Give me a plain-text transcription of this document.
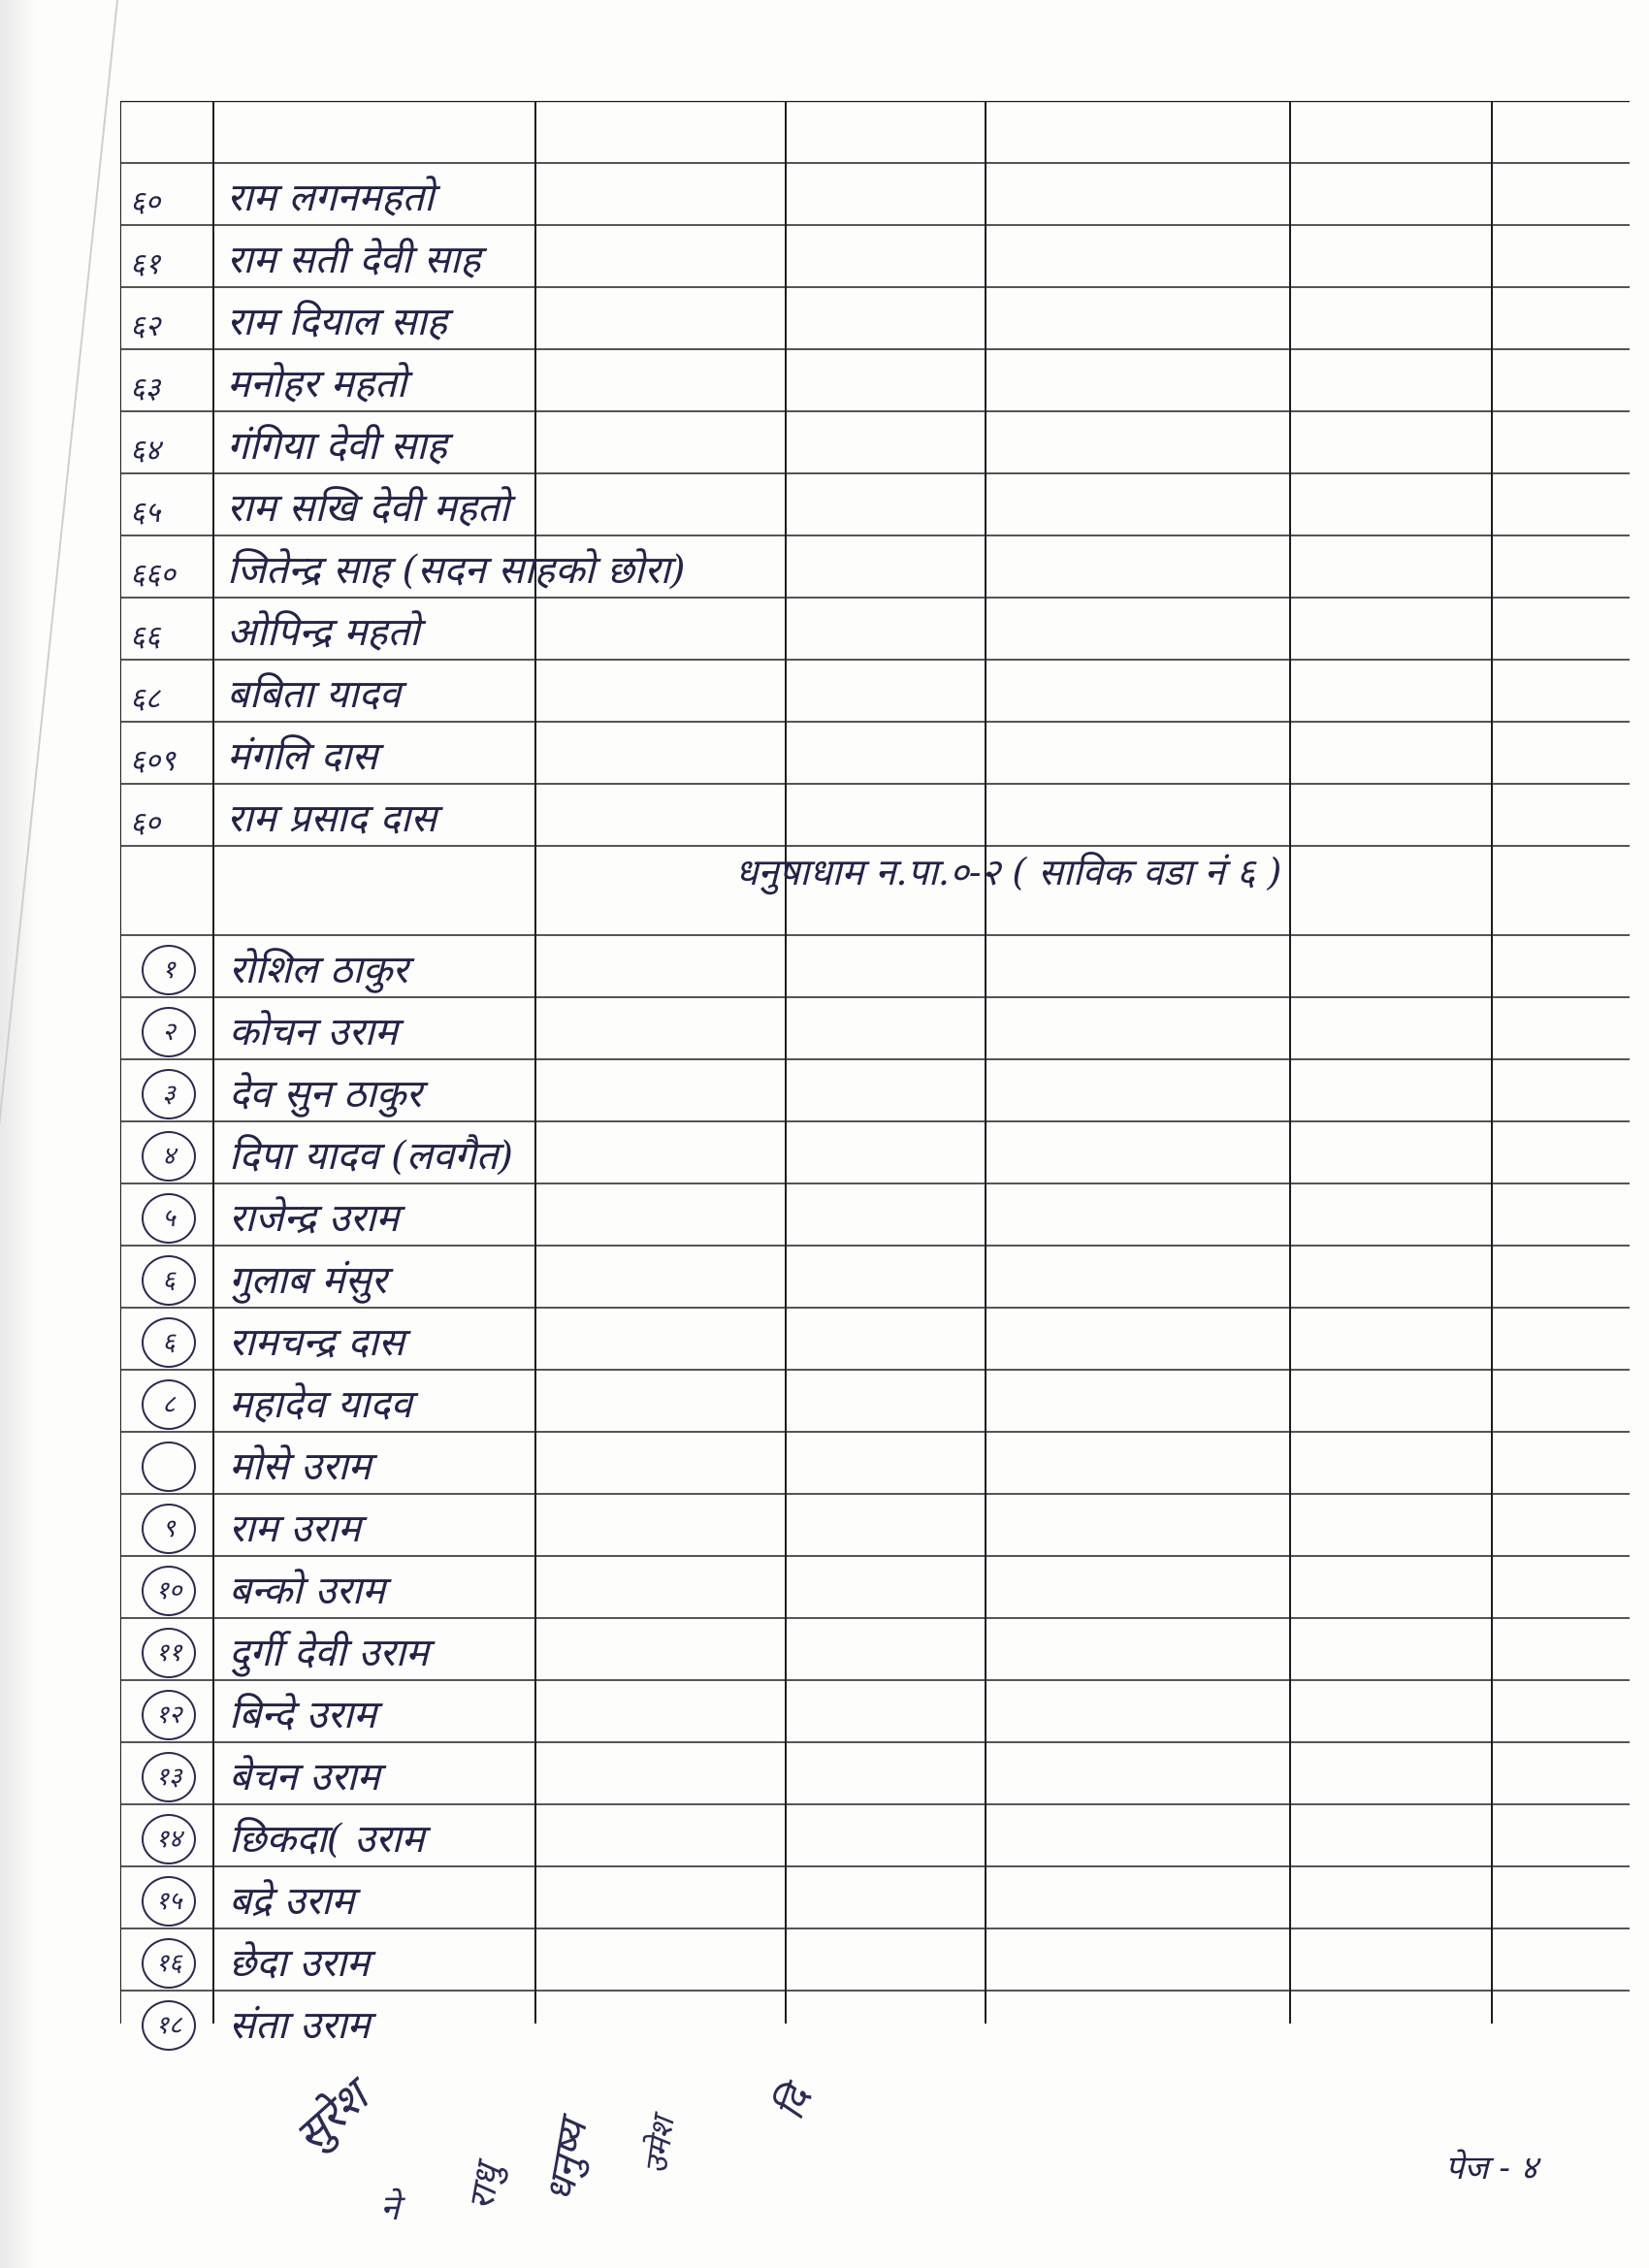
६० राम लगनमहतो
६१ राम सती देवी साह
६२ राम दियाल साह
६३ मनोहर महतो
६४ गंगिया देवी साह
६५ राम सखि देवी महतो
६६० जितेन्द्र साह (सदन साहको छोरा)
६६ ओपिन्द्र महतो
६८ बबिता यादव
६०९ मंगलि दास
६० राम प्रसाद दास
१	रोशिल ठाकुर
२	कोचन उराम
३	देव सुन ठाकुर
४	दिपा यादव (लवगैत)
५	राजेन्द्र उराम
६	गुलाब मंसुर
६	रामचन्द्र दास
८	महादेव यादव
मोसे उराम
९	राम उराम
१०	बन्को उराम
११	दुर्गी देवी उराम
१२	बिन्दे उराम
१३	बेचन उराम
१४	छिकदा( उराम
१५	बद्रे उराम
१६	छेदा उराम
१८	संता उराम
धनुषाधाम न.पा.०-२ ( साविक वडा नं ६ )
सुरेश
ने राधु धनुष्य उमेश
दि
पेज - ४
